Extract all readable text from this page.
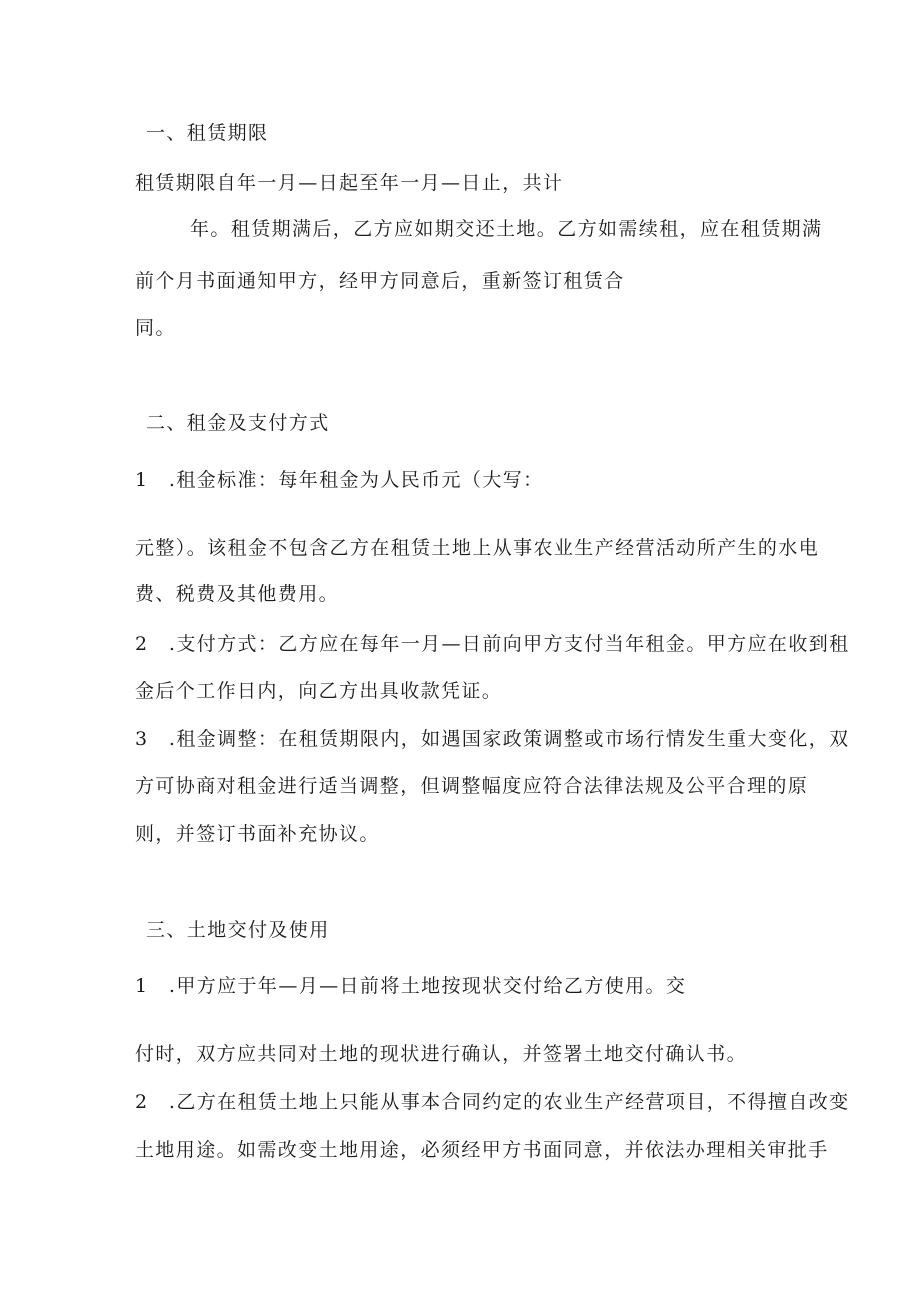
一、租赁期限
租赁期限自年一月—日起至年一月—日止，共计
年。租赁期满后，乙方应如期交还土地。乙方如需续租，应在租赁期满
前个月书面通知甲方，经甲方同意后，重新签订租赁合
同。
二、租金及支付方式
1　.租金标准：每年租金为人民币元（大写：
元整）。该租金不包含乙方在租赁土地上从事农业生产经营活动所产生的水电
费、税费及其他费用。
2　.支付方式：乙方应在每年一月—日前向甲方支付当年租金。甲方应在收到租
金后个工作日内，向乙方出具收款凭证。
3　.租金调整：在租赁期限内，如遇国家政策调整或市场行情发生重大变化，双
方可协商对租金进行适当调整，但调整幅度应符合法律法规及公平合理的原
则，并签订书面补充协议。
三、土地交付及使用
1　.甲方应于年—月—日前将土地按现状交付给乙方使用。交
付时，双方应共同对土地的现状进行确认，并签署土地交付确认书。
2　.乙方在租赁土地上只能从事本合同约定的农业生产经营项目，不得擅自改变
土地用途。如需改变土地用途，必须经甲方书面同意，并依法办理相关审批手
